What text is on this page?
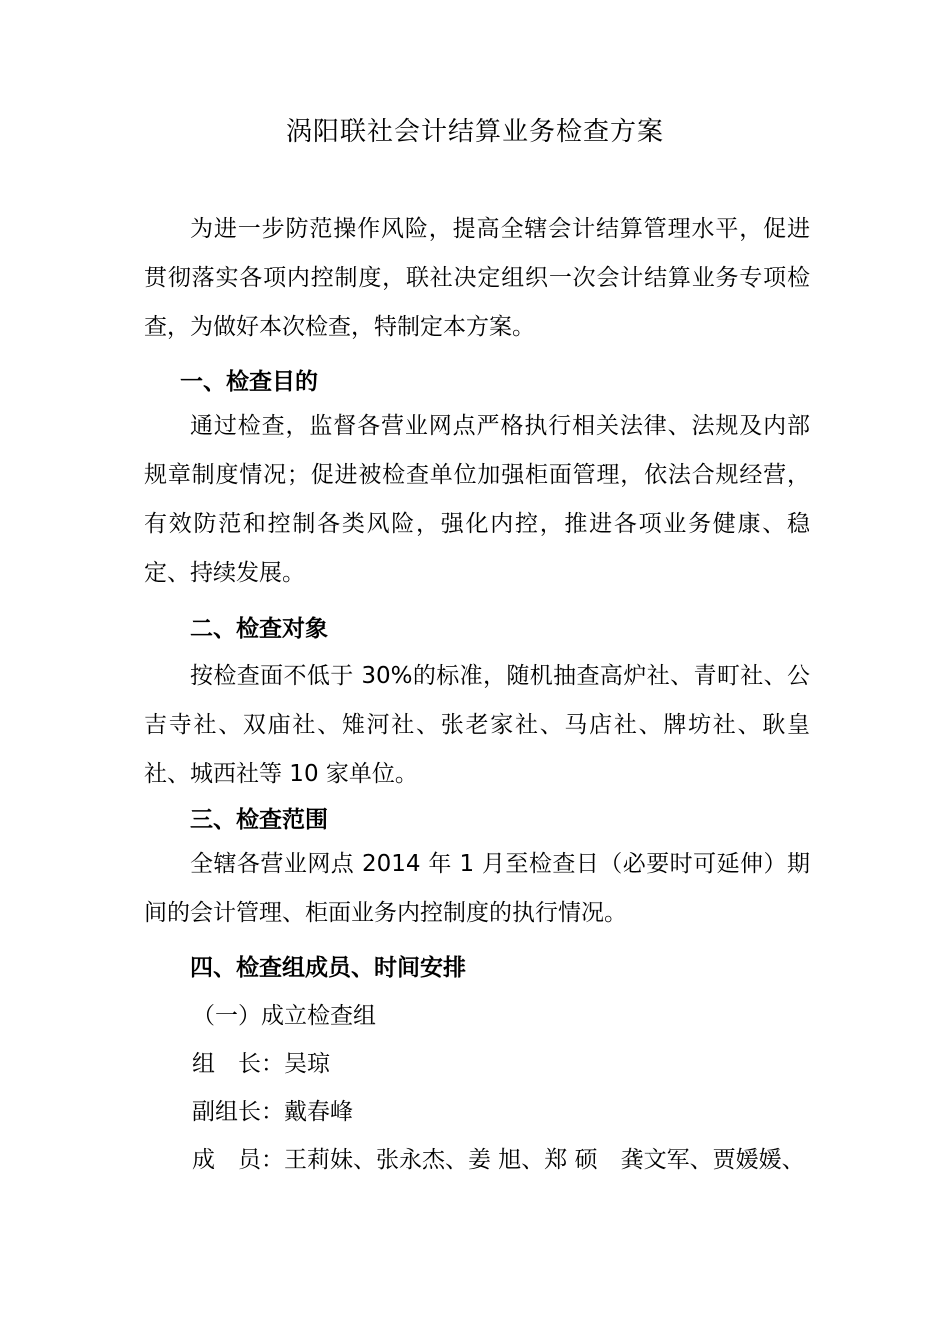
涡阳联社会计结算业务检查方案

为进一步防范操作风险，提高全辖会计结算管理水平，促进贯彻落实各项内控制度，联社决定组织一次会计结算业务专项检查，为做好本次检查，特制定本方案。

一、检查目的

通过检查，监督各营业网点严格执行相关法律、法规及内部规章制度情况；促进被检查单位加强柜面管理，依法合规经营，有效防范和控制各类风险，强化内控，推进各项业务健康、稳定、持续发展。

二、检查对象

按检查面不低于 30%的标准，随机抽查高炉社、青町社、公吉寺社、双庙社、雉河社、张老家社、马店社、牌坊社、耿皇社、城西社等 10 家单位。

三、检查范围

全辖各营业网点 2014 年 1 月至检查日（必要时可延伸）期间的会计管理、柜面业务内控制度的执行情况。

四、检查组成员、时间安排

（一）成立检查组

组　长：吴琼

副组长：戴春峰

成　员：王莉妹、张永杰、姜 旭、郑 硕　龚文军、贾媛媛、
